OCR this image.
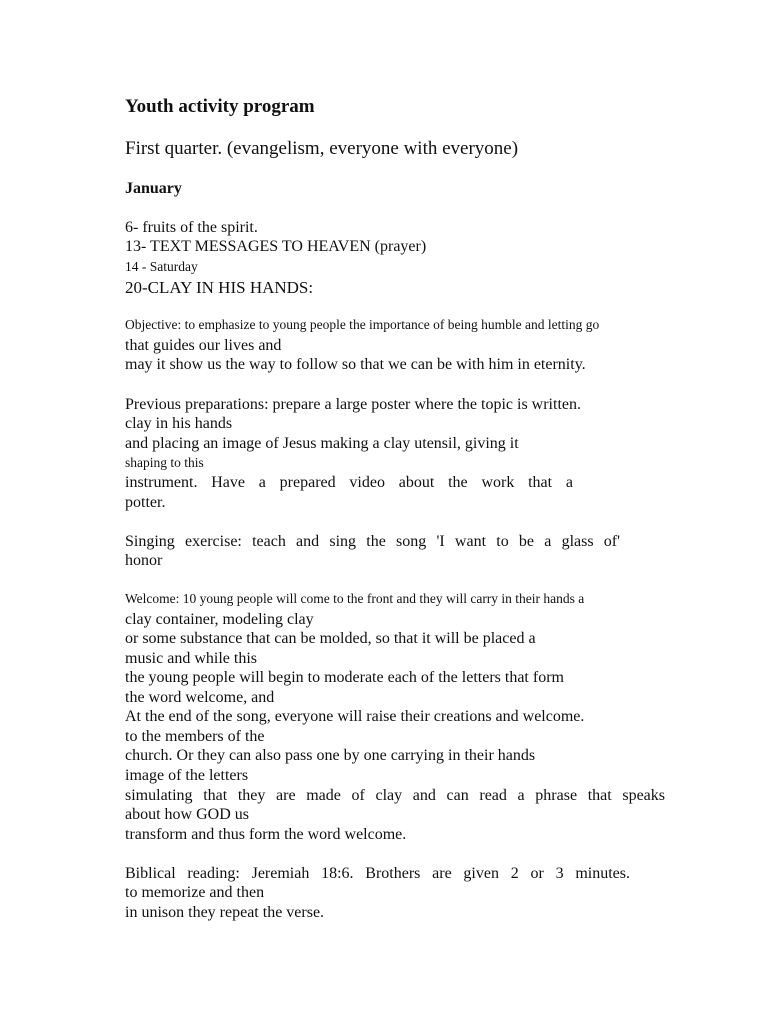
Youth activity program
First quarter. (evangelism, everyone with everyone)
January
6- fruits of the spirit.
13- TEXT MESSAGES TO HEAVEN (prayer)
14 - Saturday
20-CLAY IN HIS HANDS:
Objective: to emphasize to young people the importance of being humble and letting go
that guides our lives and
may it show us the way to follow so that we can be with him in eternity.
Previous preparations: prepare a large poster where the topic is written.
clay in his hands
and placing an image of Jesus making a clay utensil, giving it
shaping to this
instrument. Have a prepared video about the work that a
potter.
Singing exercise: teach and sing the song 'I want to be a glass of'
honor
Welcome: 10 young people will come to the front and they will carry in their hands a
clay container, modeling clay
or some substance that can be molded, so that it will be placed a
music and while this
the young people will begin to moderate each of the letters that form
the word welcome, and
At the end of the song, everyone will raise their creations and welcome.
to the members of the
church. Or they can also pass one by one carrying in their hands
image of the letters
simulating that they are made of clay and can read a phrase that speaks
about how GOD us
transform and thus form the word welcome.
Biblical reading: Jeremiah 18:6. Brothers are given 2 or 3 minutes.
to memorize and then
in unison they repeat the verse.
